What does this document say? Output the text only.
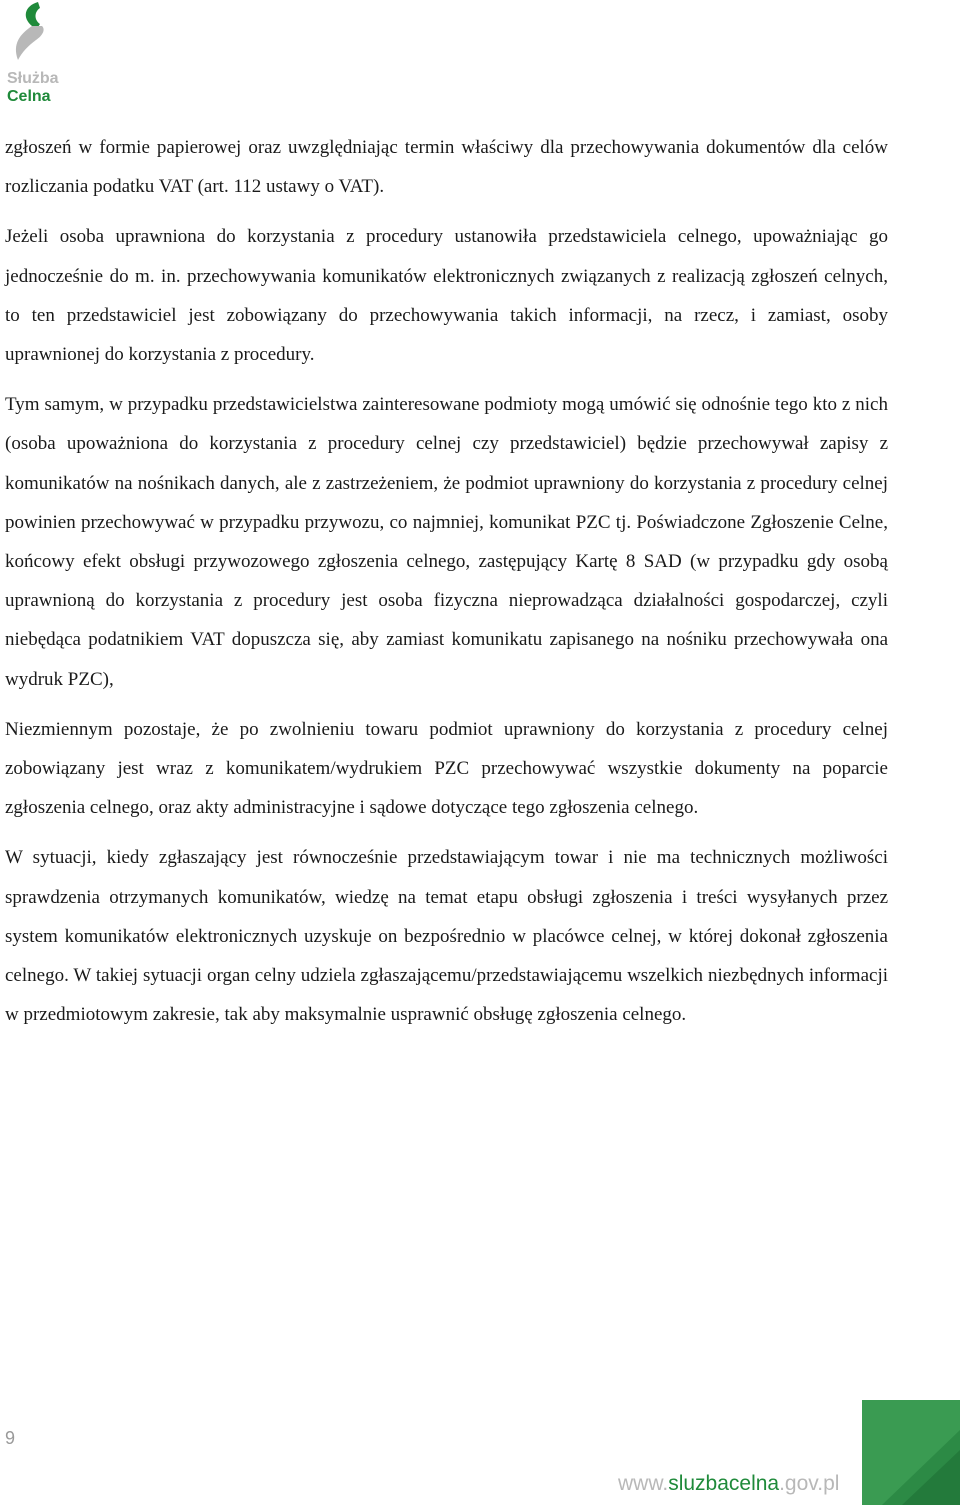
Służba
Celna

zgłoszeń w formie papierowej oraz uwzględniając termin właściwy dla przechowywania dokumentów dla celów rozliczania podatku VAT (art. 112 ustawy o VAT).

Jeżeli osoba uprawniona do korzystania z procedury ustanowiła przedstawiciela celnego, upoważniając go jednocześnie do m. in. przechowywania komunikatów elektronicznych związanych z realizacją zgłoszeń celnych, to ten przedstawiciel jest zobowiązany do przechowywania takich informacji, na rzecz, i zamiast, osoby uprawnionej do korzystania z procedury.

Tym samym, w przypadku przedstawicielstwa zainteresowane podmioty mogą umówić się odnośnie tego kto z nich (osoba upoważniona do korzystania z procedury celnej czy przedstawiciel) będzie przechowywał zapisy z komunikatów na nośnikach danych, ale z zastrzeżeniem, że podmiot uprawniony do korzystania z procedury celnej powinien przechowywać w przypadku przywozu, co najmniej, komunikat PZC tj. Poświadczone Zgłoszenie Celne, końcowy efekt obsługi przywozowego zgłoszenia celnego, zastępujący Kartę 8 SAD (w przypadku gdy osobą uprawnioną do korzystania z procedury jest osoba fizyczna nieprowadząca działalności gospodarczej, czyli niebędąca podatnikiem VAT dopuszcza się, aby zamiast komunikatu zapisanego na nośniku przechowywała ona wydruk PZC),

Niezmiennym pozostaje, że po zwolnieniu towaru podmiot uprawniony do korzystania z procedury celnej zobowiązany jest wraz z komunikatem/wydrukiem PZC przechowywać wszystkie dokumenty na poparcie zgłoszenia celnego, oraz akty administracyjne i sądowe dotyczące tego zgłoszenia celnego.

W sytuacji, kiedy zgłaszający jest równocześnie przedstawiającym towar i nie ma technicznych możliwości sprawdzenia otrzymanych komunikatów, wiedzę na temat etapu obsługi zgłoszenia i treści wysyłanych przez system komunikatów elektronicznych uzyskuje on bezpośrednio w placówce celnej, w której dokonał zgłoszenia celnego. W takiej sytuacji organ celny udziela zgłaszającemu/przedstawiającemu wszelkich niezbędnych informacji w przedmiotowym zakresie, tak aby maksymalnie usprawnić obsługę zgłoszenia celnego.

9
www.sluzbacelna.gov.pl
